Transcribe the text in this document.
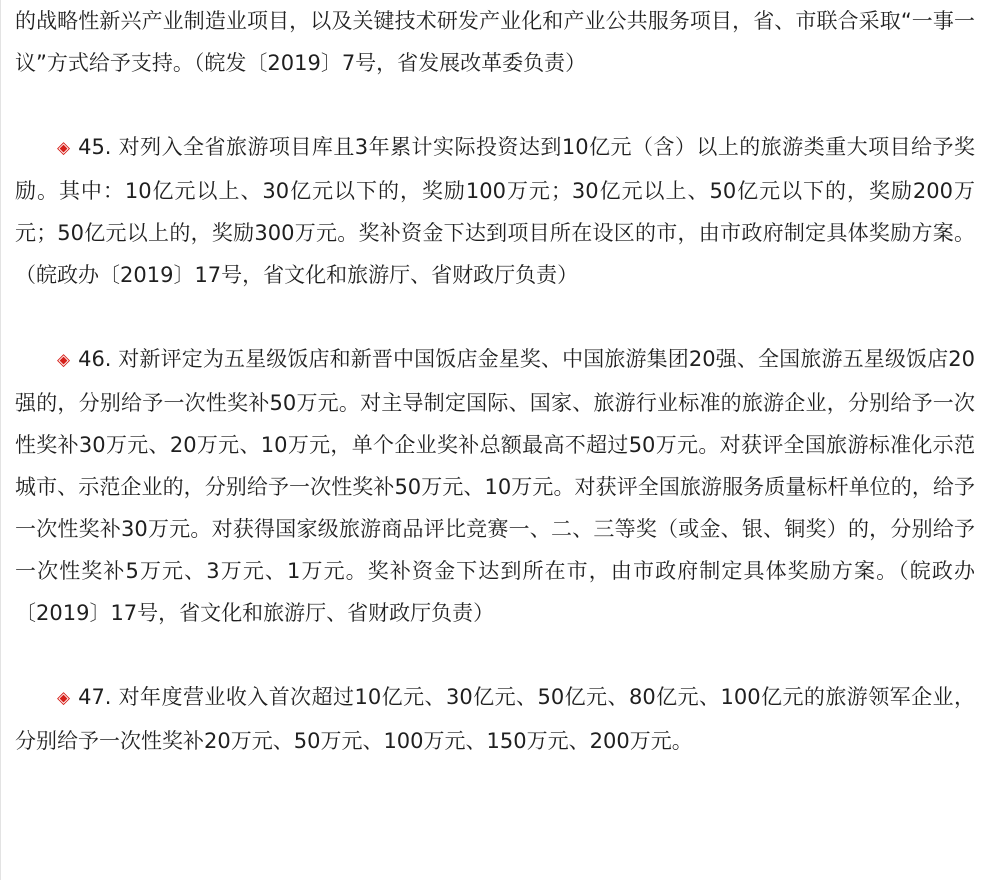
的战略性新兴产业制造业项目，以及关键技术研发产业化和产业公共服务项目，省、市联合采取“一事一议”方式给予支持。（皖发〔2019〕7号，省发展改革委负责）

◈ 45. 对列入全省旅游项目库且3年累计实际投资达到10亿元（含）以上的旅游类重大项目给予奖励。其中：10亿元以上、30亿元以下的，奖励100万元；30亿元以上、50亿元以下的，奖励200万元；50亿元以上的，奖励300万元。奖补资金下达到项目所在设区的市，由市政府制定具体奖励方案。（皖政办〔2019〕17号，省文化和旅游厅、省财政厅负责）

◈ 46. 对新评定为五星级饭店和新晋中国饭店金星奖、中国旅游集团20强、全国旅游五星级饭店20强的，分别给予一次性奖补50万元。对主导制定国际、国家、旅游行业标准的旅游企业，分别给予一次性奖补30万元、20万元、10万元，单个企业奖补总额最高不超过50万元。对获评全国旅游标准化示范城市、示范企业的，分别给予一次性奖补50万元、10万元。对获评全国旅游服务质量标杆单位的，给予一次性奖补30万元。对获得国家级旅游商品评比竞赛一、二、三等奖（或金、银、铜奖）的，分别给予一次性奖补5万元、3万元、1万元。奖补资金下达到所在市，由市政府制定具体奖励方案。（皖政办〔2019〕17号，省文化和旅游厅、省财政厅负责）

◈ 47. 对年度营业收入首次超过10亿元、30亿元、50亿元、80亿元、100亿元的旅游领军企业，分别给予一次性奖补20万元、50万元、100万元、150万元、200万元。
